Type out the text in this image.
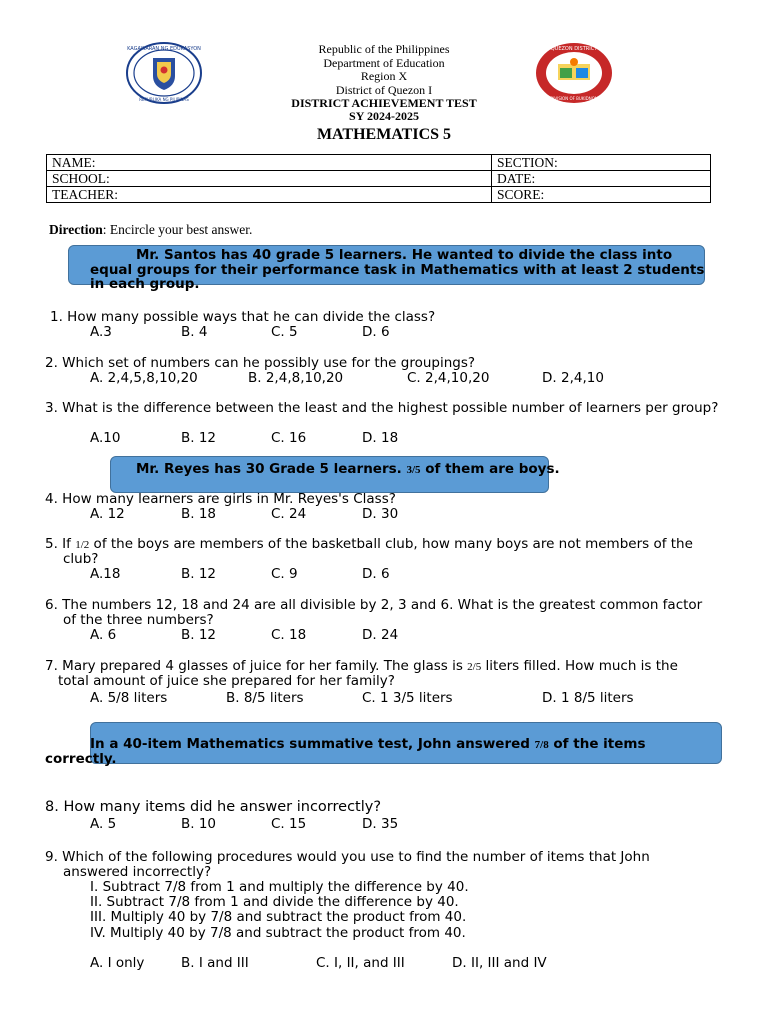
KAGAWARAN NG EDUKASYON
REPUBLIKA NG PILIPINAS
QUEZON DISTRICT
DIVISION OF BUKIDNON
Republic of the Philippines
Department of Education
Region X
District of Quezon I
DISTRICT ACHIEVEMENT TEST
SY 2024-2025
MATHEMATICS 5
NAME:	SECTION:
SCHOOL:	DATE:
TEACHER:	SCORE:
Direction: Encircle your best answer.
Mr. Santos has 40 grade 5 learners. He wanted to divide the class into equal groups for their performance task in Mathematics with at least 2 students in each group.
1. How many possible ways that he can divide the class?
A.3	B. 4	C. 5	D. 6
2. Which set of numbers can he possibly use for the groupings?
A. 2,4,5,8,10,20	B. 2,4,8,10,20	C. 2,4,10,20	D. 2,4,10
3. What is the difference between the least and the highest possible number of learners per group?
A.10	B. 12	C. 16	D. 18
Mr. Reyes has 30 Grade 5 learners. 3/5 of them are boys.
4. How many learners are girls in Mr. Reyes's Class?
A. 12	B. 18	C. 24	D. 30
5. If 1/2 of the boys are members of the basketball club, how many boys are not members of the
club?
A.18	B. 12	C. 9	D. 6
6. The numbers 12, 18 and 24 are all divisible by 2, 3 and 6. What is the greatest common factor
of the three numbers?
A. 6	B. 12	C. 18	D. 24
7. Mary prepared 4 glasses of juice for her family. The glass is 2/5 liters filled. How much is the
total amount of juice she prepared for her family?
A. 5/8 liters	B. 8/5 liters	C. 1 3/5 liters	D. 1 8/5 liters
In a 40-item Mathematics summative test, John answered 7/8 of the items
correctly.
8. How many items did he answer incorrectly?
A. 5	B. 10	C. 15	D. 35
9. Which of the following procedures would you use to find the number of items that John
answered incorrectly?
I. Subtract 7/8 from 1 and multiply the difference by 40.
II. Subtract 7/8 from 1 and divide the difference by 40.
III. Multiply 40 by 7/8 and subtract the product from 40.
IV. Multiply 40 by 7/8 and subtract the product from 40.
A. I only	B. I and III	C. I, II, and III	D. II, III and IV
